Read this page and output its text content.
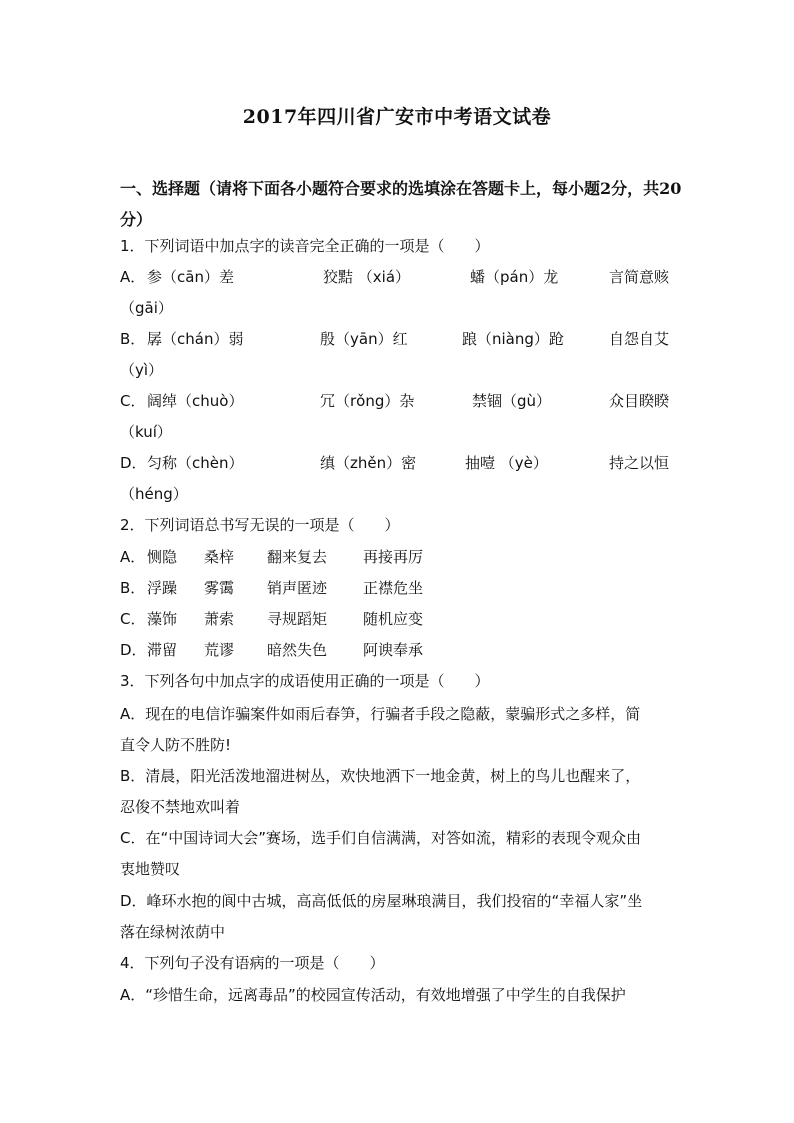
2017年四川省广安市中考语文试卷
一、选择题（请将下面各小题符合要求的选填涂在答题卡上，每小题2分，共20
分）
1．下列词语中加点字的读音完全正确的一项是（　　）
A． 参（cān）差	狡黠 （xiá）	蟠（pán）龙	言简意赅
（gāi）
B． 孱（chán）弱	殷（yān）红	踉（niàng）跄	自怨自艾
（yì）
C． 阔绰（chuò）	冗（rǒng）杂	禁锢（gù）	众目睽睽
（kuí）
D． 匀称（chèn）	缜（zhěn）密	抽噎 （yè）	持之以恒
（héng）
2．下列词语总书写无误的一项是（　　）
A． 恻隐 桑梓 翻来复去 再接再厉
B． 浮躁 雾霭 销声匿迹 正襟危坐
C． 藻饰 萧索 寻规蹈矩 随机应变
D． 滞留 荒谬 暗然失色 阿谀奉承
3．下列各句中加点字的成语使用正确的一项是（　　）
A．现在的电信诈骗案件如雨后春笋，行骗者手段之隐蔽，蒙骗形式之多样，简
直令人防不胜防!
B．清晨，阳光活泼地溜进树丛，欢快地洒下一地金黄，树上的鸟儿也醒来了，
忍俊不禁地欢叫着
C．在“中国诗词大会”赛场，选手们自信满满，对答如流，精彩的表现令观众由
衷地赞叹
D．峰环水抱的阆中古城，高高低低的房屋琳琅满目，我们投宿的“幸福人家”坐
落在绿树浓荫中
4．下列句子没有语病的一项是（　　）
A．“珍惜生命，远离毒品”的校园宣传活动，有效地增强了中学生的自我保护
